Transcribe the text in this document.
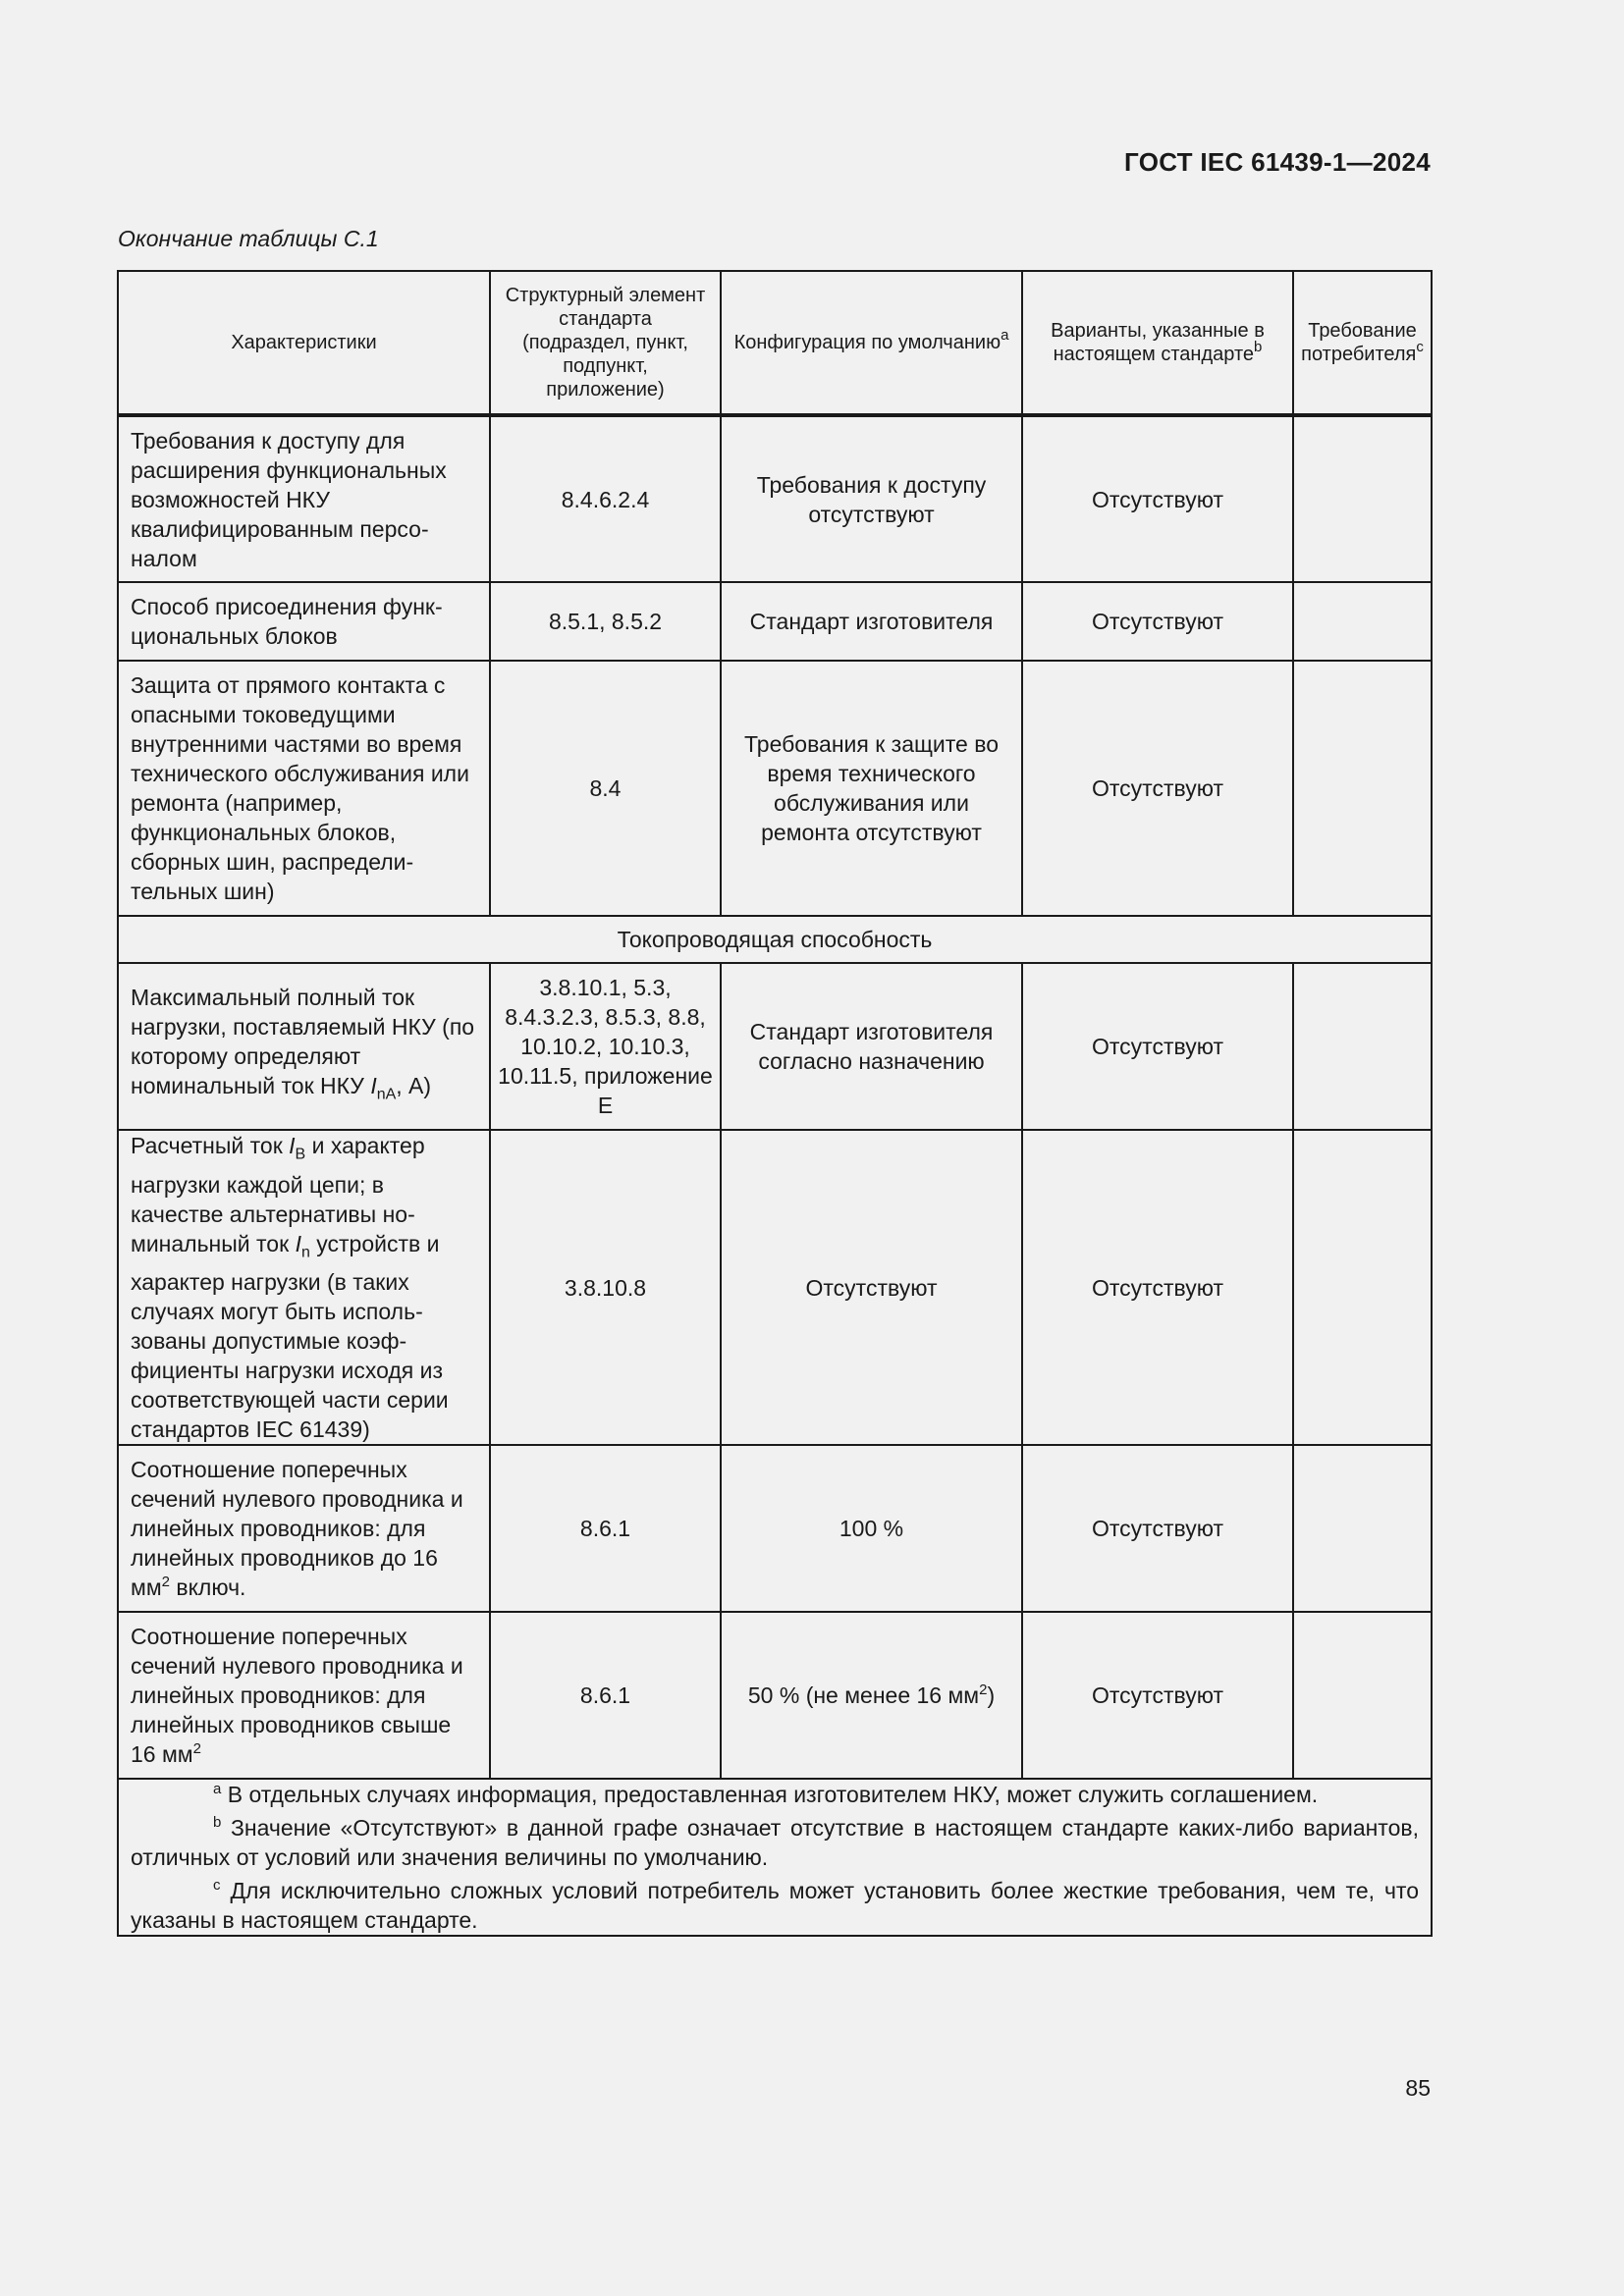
ГОСТ IEC 61439-1—2024
Окончание таблицы С.1
Характеристики	Структурный элемент стандарта (подраздел, пункт, подпункт, приложение)	Конфигурация по умолчанию$^a$	Варианты, указанные в настоящем стандарте$^b$	Требование потребителя$^c$
Требования к доступу для расширения функциональных возможностей НКУ квалифицированным персоналом	8.4.6.2.4	Требования к доступу отсутствуют	Отсутствуют	
Способ присоединения функциональных блоков	8.5.1, 8.5.2	Стандарт изготовителя	Отсутствуют	
Защита от прямого контакта с опасными токоведущими внутренними частями во время технического обслуживания или ремонта (например, функциональных блоков, сборных шин, распределительных шин)	8.4	Требования к защите во время технического обслуживания или ремонта отсутствуют	Отсутствуют	
Токопроводящая способность				
Максимальный полный ток нагрузки, поставляемый НКУ (по которому определяют номинальный ток НКУ $I_{nA}$, А)	3.8.10.1, 5.3, 8.4.3.2.3, 8.5.3, 8.8, 10.10.2, 10.10.3, 10.11.5, приложение Е	Стандарт изготовителя согласно назначению	Отсутствуют	
Расчетный ток $I_B$ и характер нагрузки каждой цепи; в качестве альтернативы номинальный ток $I_n$ устройств и характер нагрузки (в таких случаях могут быть использованы допустимые коэффициенты нагрузки исходя из соответствующей части серии стандартов IEC 61439)	3.8.10.8	Отсутствуют	Отсутствуют	
Соотношение поперечных сечений нулевого проводника и линейных проводников: для линейных проводников до 16 $мм^2$ включ.	8.6.1	100 %	Отсутствуют	
Соотношение поперечных сечений нулевого проводника и линейных проводников: для линейных проводников свыше 16 $мм^2$	8.6.1	50 % (не менее 16 $мм^2$)	Отсутствуют	

$^a$ В отдельных случаях информация, предоставленная изготовителем НКУ, может служить соглашением.

$^b$ Значение «Отсутствуют» в данной графе означает отсутствие в настоящем стандарте каких-либо вариантов, отличных от условий или значения величины по умолчанию.

$^c$ Для исключительно сложных условий потребитель может установить более жесткие требования, чем те, что указаны в настоящем стандарте.				

85
